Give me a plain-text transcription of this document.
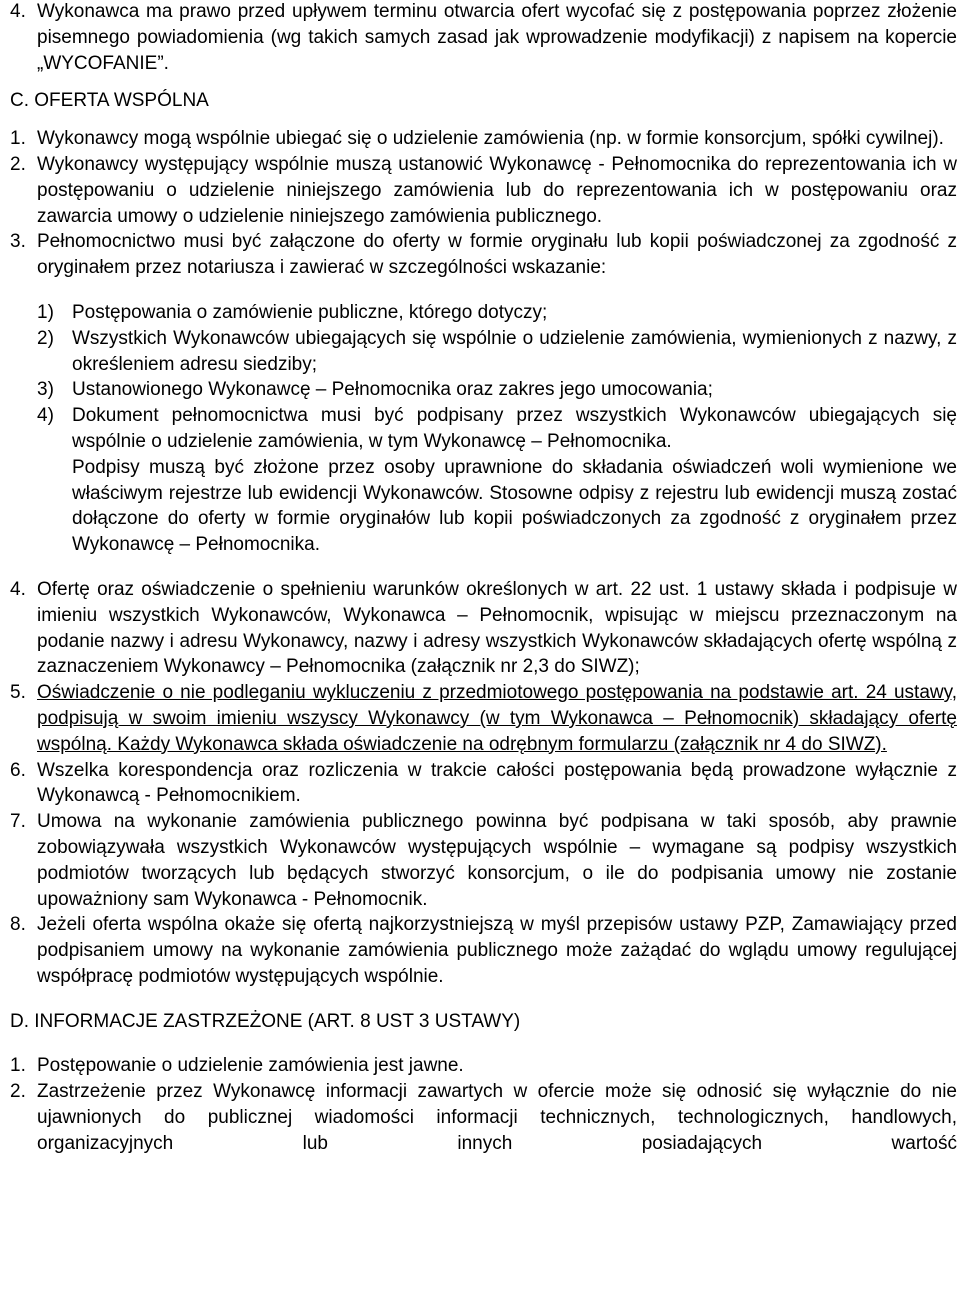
4. Wykonawca ma prawo przed upływem terminu otwarcia ofert wycofać się z postępowania poprzez złożenie pisemnego powiadomienia (wg takich samych zasad jak wprowadzenie modyfikacji) z napisem na kopercie „WYCOFANIE”.
C. OFERTA WSPÓLNA
1. Wykonawcy mogą wspólnie ubiegać się o udzielenie zamówienia (np. w formie konsorcjum, spółki cywilnej).
2. Wykonawcy występujący wspólnie muszą ustanowić Wykonawcę - Pełnomocnika do reprezentowania ich w postępowaniu o udzielenie niniejszego zamówienia lub do reprezentowania ich w postępowaniu oraz zawarcia umowy o udzielenie niniejszego zamówienia publicznego.
3. Pełnomocnictwo musi być załączone do oferty w formie oryginału lub kopii poświadczonej za zgodność z oryginałem przez notariusza i zawierać w szczególności wskazanie:
1) Postępowania o zamówienie publiczne, którego dotyczy;
2) Wszystkich Wykonawców ubiegających się wspólnie o udzielenie zamówienia, wymienionych z nazwy, z określeniem adresu siedziby;
3) Ustanowionego Wykonawcę – Pełnomocnika oraz zakres jego umocowania;
4) Dokument pełnomocnictwa musi być podpisany przez wszystkich Wykonawców ubiegających się wspólnie o udzielenie zamówienia, w tym Wykonawcę – Pełnomocnika.
Podpisy muszą być złożone przez osoby uprawnione do składania oświadczeń woli wymienione we właściwym rejestrze lub ewidencji Wykonawców. Stosowne odpisy z rejestru lub ewidencji muszą zostać dołączone do oferty w formie oryginałów lub kopii poświadczonych za zgodność z oryginałem przez Wykonawcę – Pełnomocnika.
4. Ofertę oraz oświadczenie o spełnieniu warunków określonych w art. 22 ust. 1 ustawy składa i podpisuje w imieniu wszystkich Wykonawców, Wykonawca – Pełnomocnik, wpisując w miejscu przeznaczonym na podanie nazwy i adresu Wykonawcy, nazwy i adresy wszystkich Wykonawców składających ofertę wspólną z zaznaczeniem Wykonawcy – Pełnomocnika (załącznik nr 2,3 do SIWZ);
5. Oświadczenie o nie podleganiu wykluczeniu z przedmiotowego postępowania na podstawie art. 24 ustawy, podpisują w swoim imieniu wszyscy Wykonawcy (w tym Wykonawca – Pełnomocnik) składający ofertę wspólną. Każdy Wykonawca składa oświadczenie na odrębnym formularzu (załącznik nr 4 do SIWZ).
6. Wszelka korespondencja oraz rozliczenia w trakcie całości postępowania będą prowadzone wyłącznie z Wykonawcą - Pełnomocnikiem.
7. Umowa na wykonanie zamówienia publicznego powinna być podpisana w taki sposób, aby prawnie zobowiązywała wszystkich Wykonawców występujących wspólnie – wymagane są podpisy wszystkich podmiotów tworzących lub będących stworzyć konsorcjum, o ile do podpisania umowy nie zostanie upoważniony sam Wykonawca - Pełnomocnik.
8. Jeżeli oferta wspólna okaże się ofertą najkorzystniejszą w myśl przepisów ustawy PZP, Zamawiający przed podpisaniem umowy na wykonanie zamówienia publicznego może zażądać do wglądu umowy regulującej współpracę podmiotów występujących wspólnie.
D. INFORMACJE ZASTRZEŻONE (ART. 8 UST 3 USTAWY)
1. Postępowanie o udzielenie zamówienia jest jawne.
2. Zastrzeżenie przez Wykonawcę informacji zawartych w ofercie może się odnosić się wyłącznie do nie ujawnionych do publicznej wiadomości informacji technicznych, technologicznych, handlowych, organizacyjnych lub innych posiadających wartość
